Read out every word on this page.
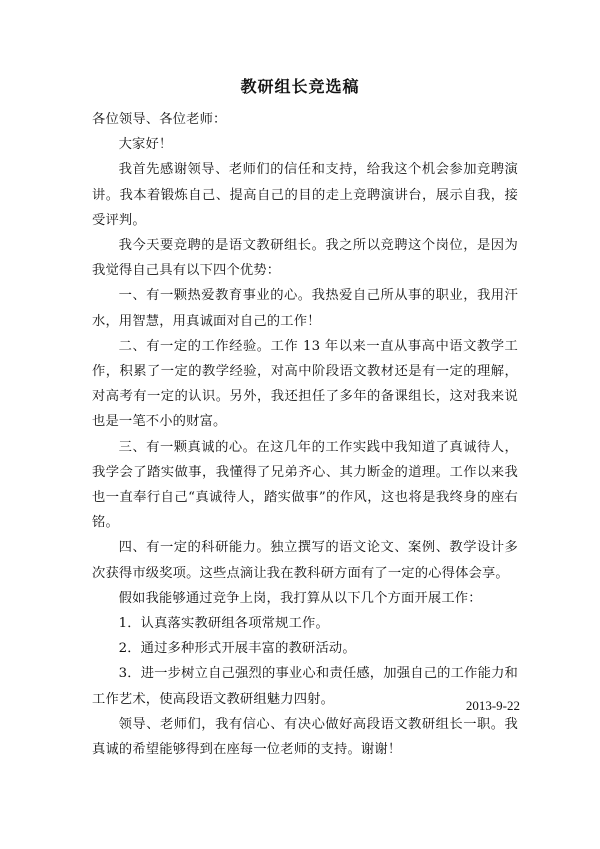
教研组长竞选稿

各位领导、各位老师：

大家好！

我首先感谢领导、老师们的信任和支持，给我这个机会参加竞聘演讲。我本着锻炼自己、提高自己的目的走上竞聘演讲台，展示自我，接受评判。

我今天要竞聘的是语文教研组长。我之所以竞聘这个岗位，是因为我觉得自己具有以下四个优势：

一、有一颗热爱教育事业的心。我热爱自己所从事的职业，我用汗水，用智慧，用真诚面对自己的工作！

二、有一定的工作经验。工作 13 年以来一直从事高中语文教学工作，积累了一定的教学经验，对高中阶段语文教材还是有一定的理解，对高考有一定的认识。另外，我还担任了多年的备课组长，这对我来说也是一笔不小的财富。

三、有一颗真诚的心。在这几年的工作实践中我知道了真诚待人，我学会了踏实做事，我懂得了兄弟齐心、其力断金的道理。工作以来我也一直奉行自己“真诚待人，踏实做事”的作风，这也将是我终身的座右铭。

四、有一定的科研能力。独立撰写的语文论文、案例、教学设计多次获得市级奖项。这些点滴让我在教科研方面有了一定的心得体会享。

假如我能够通过竞争上岗，我打算从以下几个方面开展工作：

1．认真落实教研组各项常规工作。

2．通过多种形式开展丰富的教研活动。

3．进一步树立自己强烈的事业心和责任感，加强自己的工作能力和工作艺术，使高段语文教研组魅力四射。

领导、老师们，我有信心、有决心做好高段语文教研组长一职。我真诚的希望能够得到在座每一位老师的支持。谢谢！

2013-9-22
